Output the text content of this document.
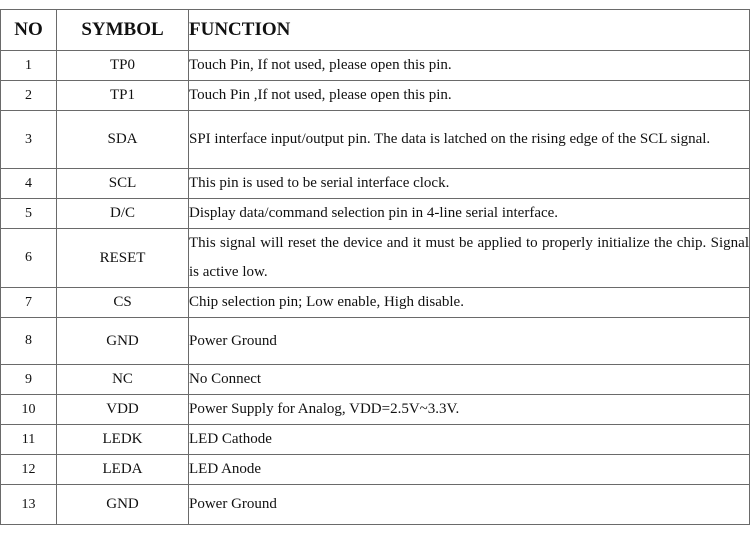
NO	SYMBOL	FUNCTION
1	TP0	Touch Pin, If not used, please open this pin.
2	TP1	Touch Pin ,If not used, please open this pin.
3	SDA	SPI interface input/output pin. The data is latched on the rising edge of the SCL signal.
4	SCL	This pin is used to be serial interface clock.
5	D/C	Display data/command selection pin in 4-line serial interface.
6	RESET	This signal will reset the device and it must be applied to properly initialize the chip. Signal is active low.
7	CS	Chip selection pin; Low enable, High disable.
8	GND	Power Ground
9	NC	No Connect
10	VDD	Power Supply for Analog, VDD=2.5V~3.3V.
11	LEDK	LED Cathode
12	LEDA	LED Anode
13	GND	Power Ground
